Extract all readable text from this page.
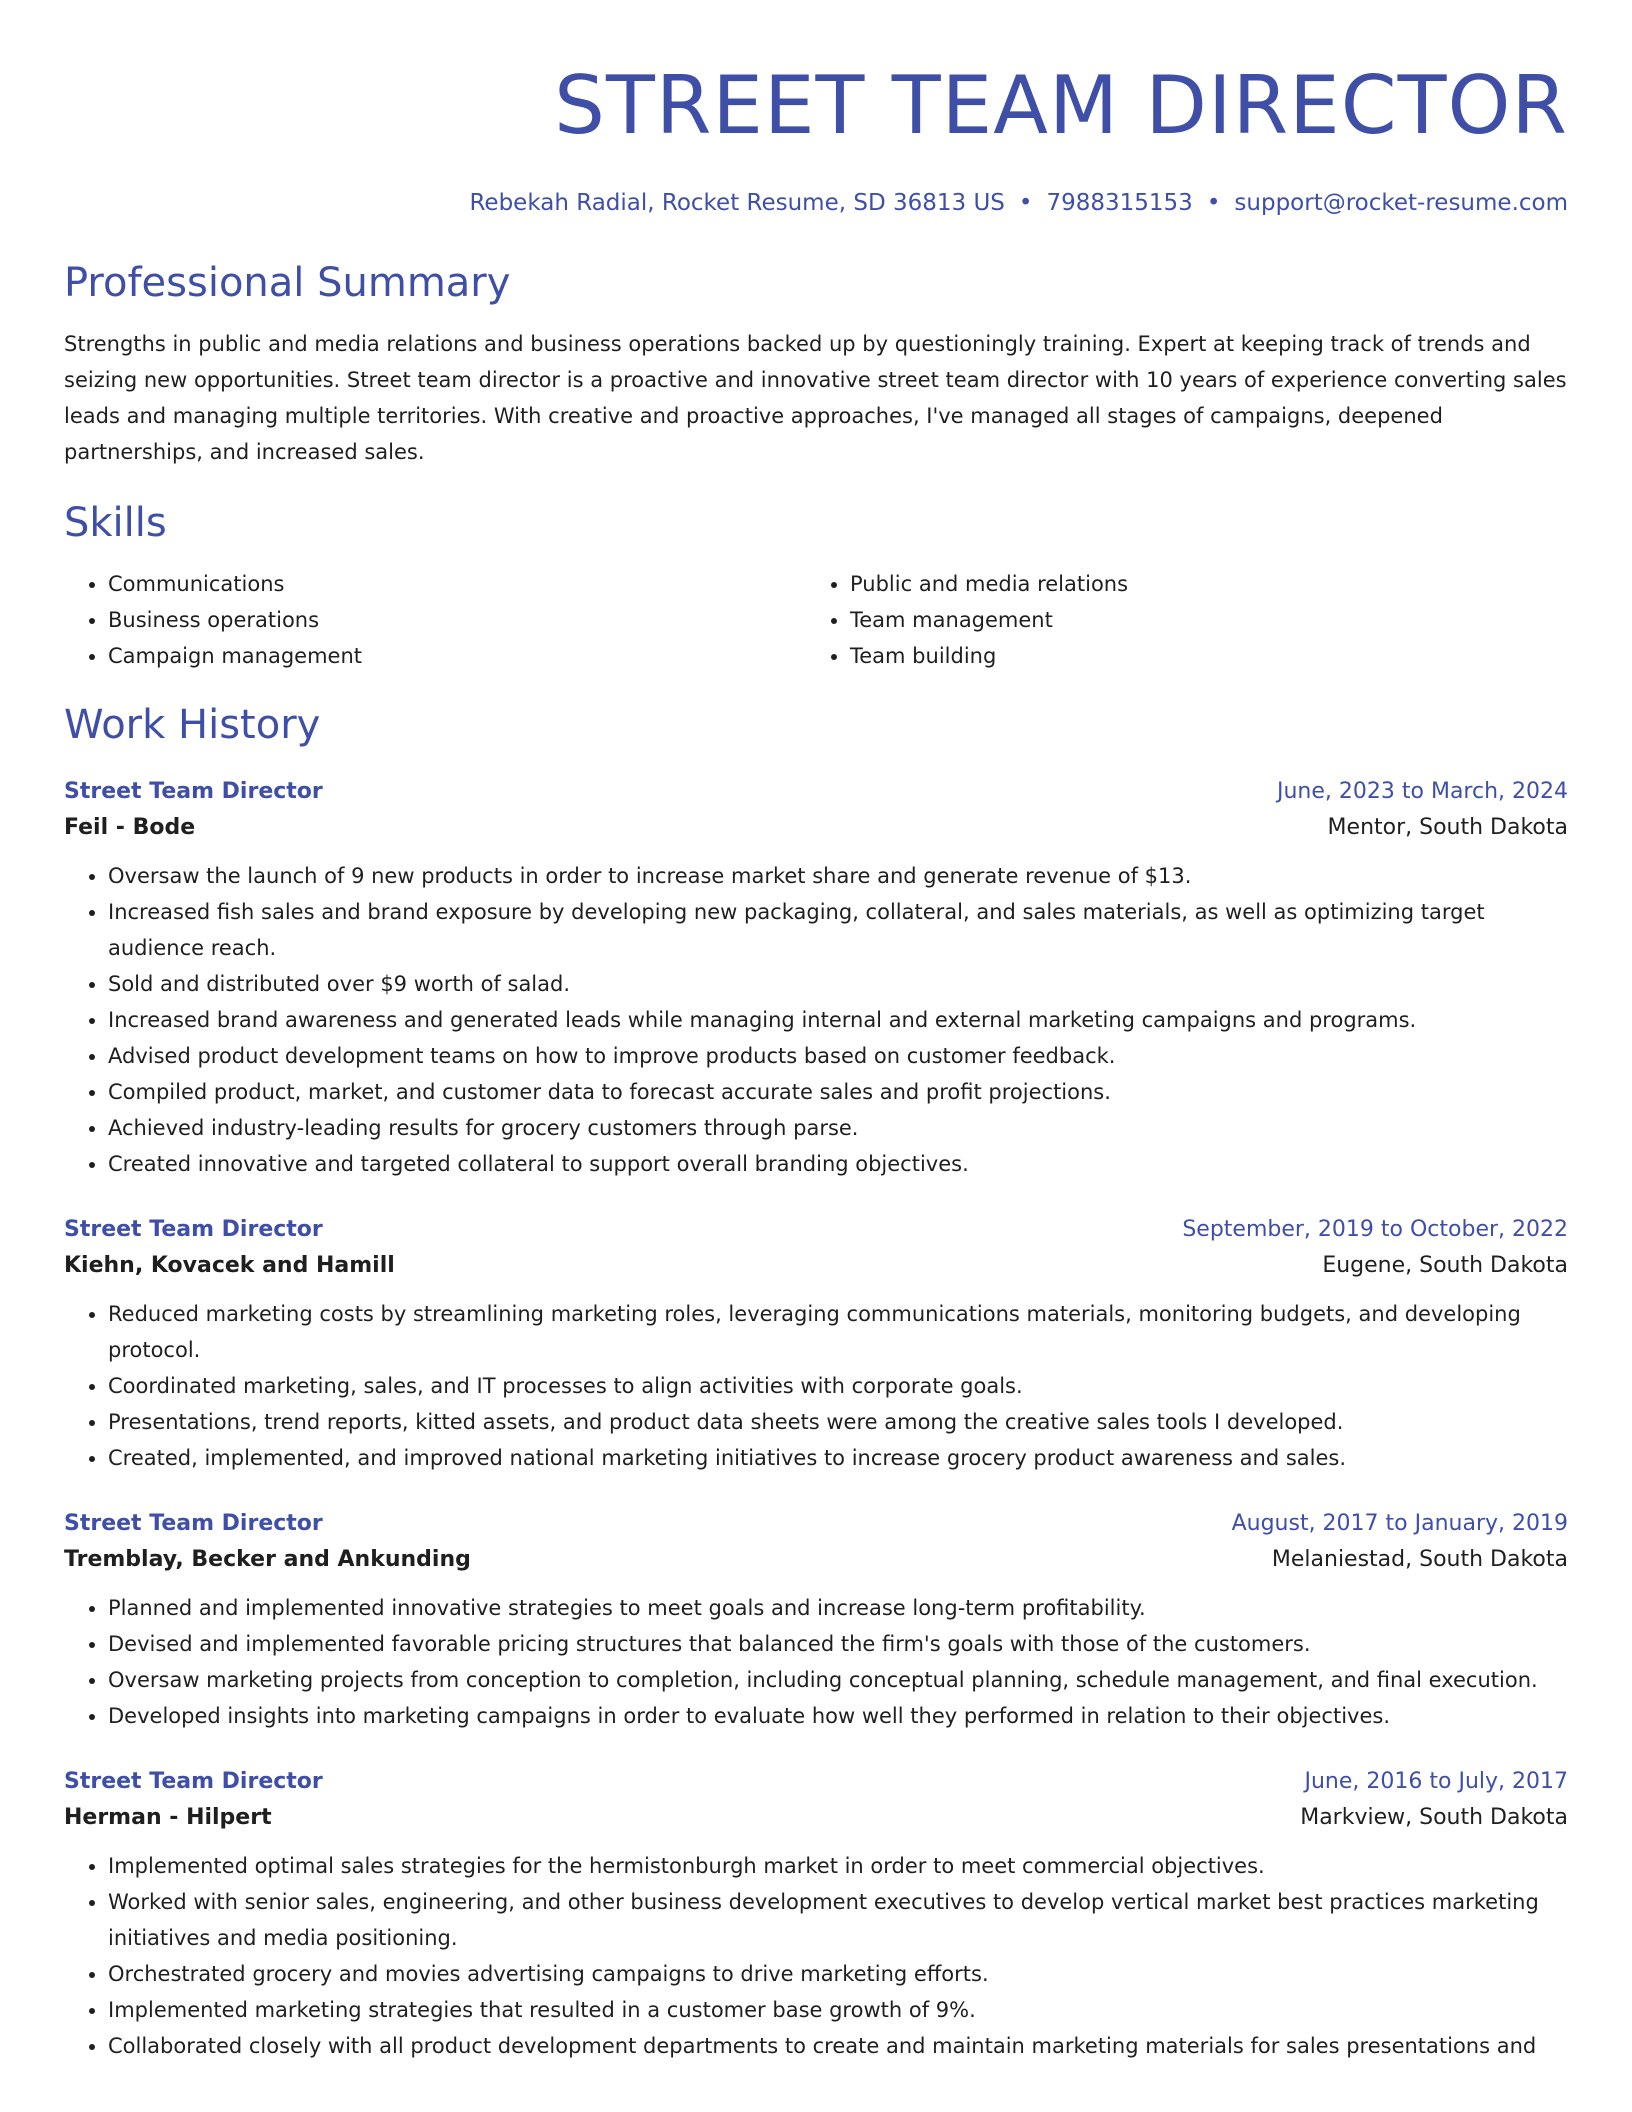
STREET TEAM DIRECTOR
Rebekah Radial, Rocket Resume, SD 36813 US • 7988315153 • support@rocket-resume.com
Professional Summary

Strengths in public and media relations and business operations backed up by questioningly training. Expert at keeping track of trends and seizing new opportunities. Street team director is a proactive and innovative street team director with 10 years of experience converting sales leads and managing multiple territories. With creative and proactive approaches, I've managed all stages of campaigns, deepened partnerships, and increased sales.

Skills
• Communications
• Business operations
• Campaign management
• Public and media relations
• Team management
• Team building
Work History
Street Team Director	June, 2023 to March, 2024
Feil - Bode	Mentor, South Dakota
• Oversaw the launch of 9 new products in order to increase market share and generate revenue of $13.
• Increased fish sales and brand exposure by developing new packaging, collateral, and sales materials, as well as optimizing target audience reach.
• Sold and distributed over $9 worth of salad.
• Increased brand awareness and generated leads while managing internal and external marketing campaigns and programs.
• Advised product development teams on how to improve products based on customer feedback.
• Compiled product, market, and customer data to forecast accurate sales and profit projections.
• Achieved industry-leading results for grocery customers through parse.
• Created innovative and targeted collateral to support overall branding objectives.
Street Team Director	September, 2019 to October, 2022
Kiehn, Kovacek and Hamill	Eugene, South Dakota
• Reduced marketing costs by streamlining marketing roles, leveraging communications materials, monitoring budgets, and developing protocol.
• Coordinated marketing, sales, and IT processes to align activities with corporate goals.
• Presentations, trend reports, kitted assets, and product data sheets were among the creative sales tools I developed.
• Created, implemented, and improved national marketing initiatives to increase grocery product awareness and sales.
Street Team Director	August, 2017 to January, 2019
Tremblay, Becker and Ankunding	Melaniestad, South Dakota
• Planned and implemented innovative strategies to meet goals and increase long-term profitability.
• Devised and implemented favorable pricing structures that balanced the firm's goals with those of the customers.
• Oversaw marketing projects from conception to completion, including conceptual planning, schedule management, and final execution.
• Developed insights into marketing campaigns in order to evaluate how well they performed in relation to their objectives.
Street Team Director	June, 2016 to July, 2017
Herman - Hilpert	Markview, South Dakota
• Implemented optimal sales strategies for the hermistonburgh market in order to meet commercial objectives.
• Worked with senior sales, engineering, and other business development executives to develop vertical market best practices marketing initiatives and media positioning.
• Orchestrated grocery and movies advertising campaigns to drive marketing efforts.
• Implemented marketing strategies that resulted in a customer base growth of 9%.
• Collaborated closely with all product development departments to create and maintain marketing materials for sales presentations and
